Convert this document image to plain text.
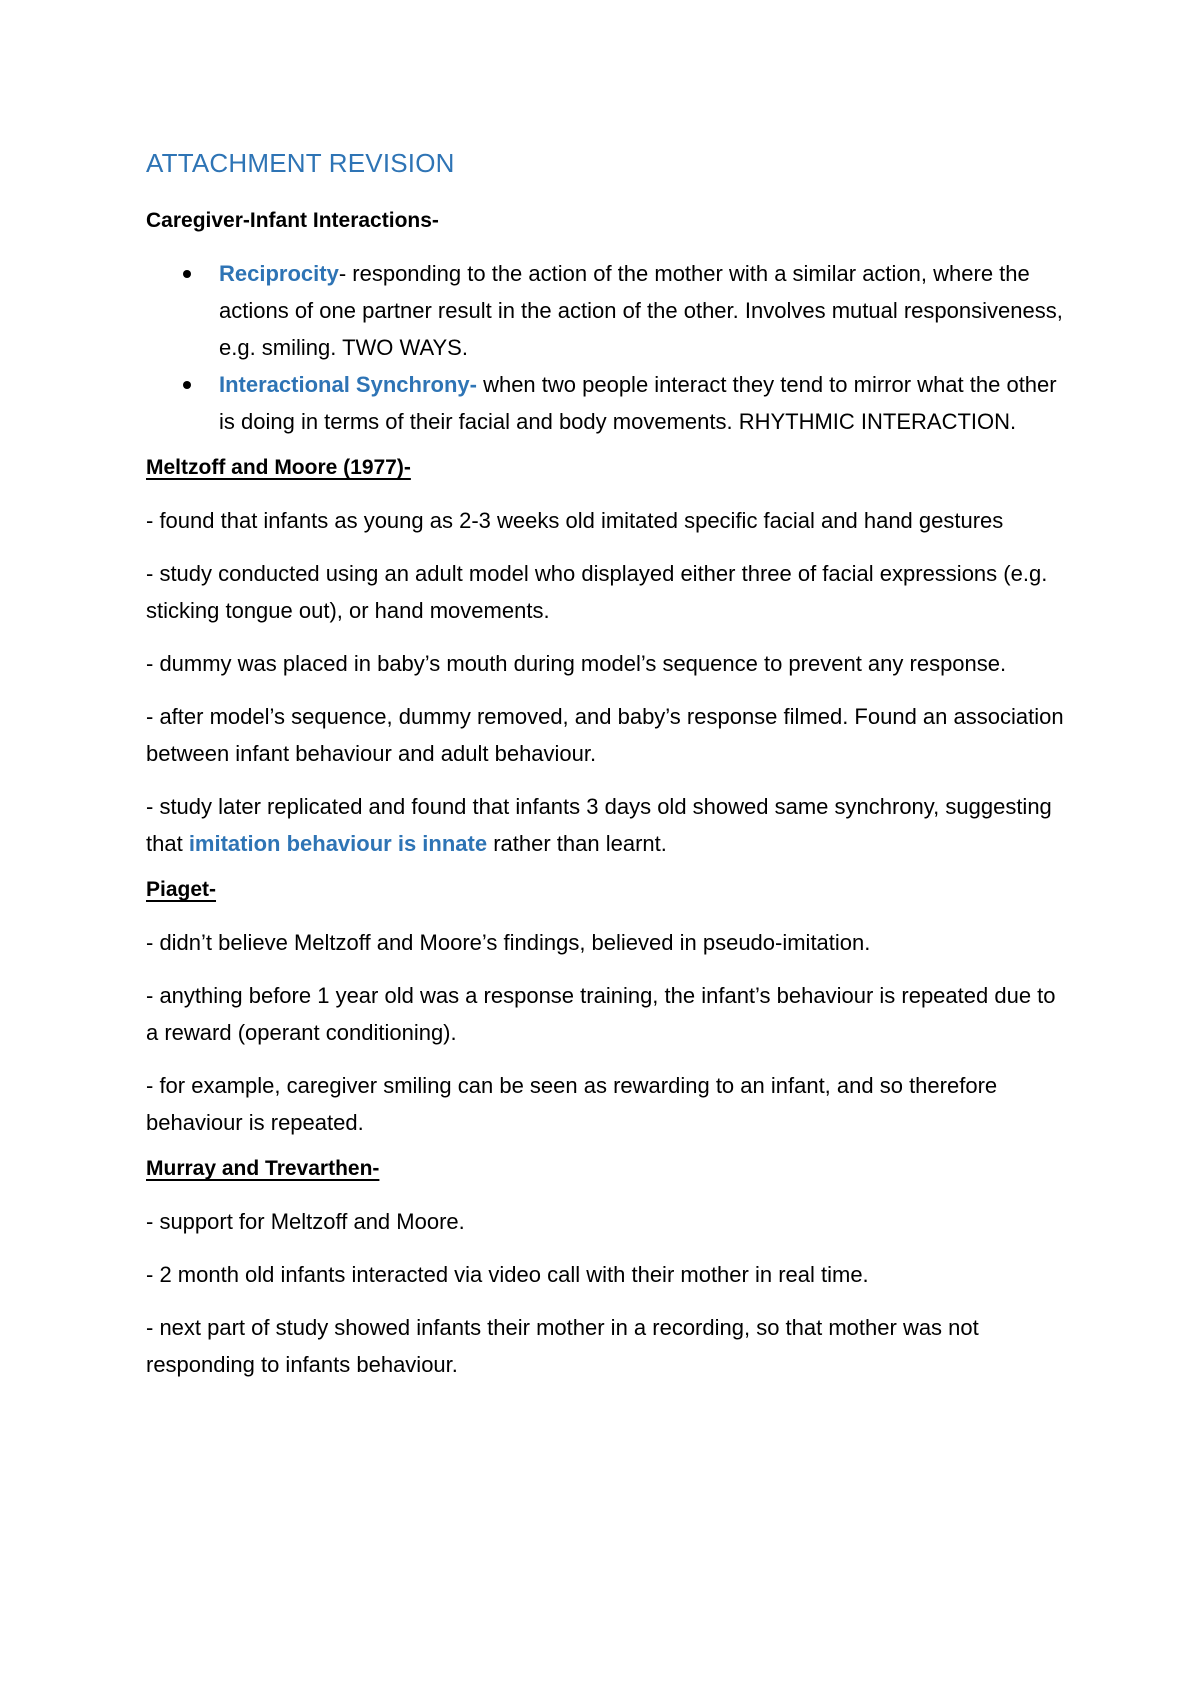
ATTACHMENT REVISION
Caregiver-Infant Interactions-
Reciprocity- responding to the action of the mother with a similar action, where the actions of one partner result in the action of the other. Involves mutual responsiveness, e.g. smiling. TWO WAYS.
Interactional Synchrony- when two people interact they tend to mirror what the other is doing in terms of their facial and body movements. RHYTHMIC INTERACTION.
Meltzoff and Moore (1977)-

- found that infants as young as 2-3 weeks old imitated specific facial and hand gestures

- study conducted using an adult model who displayed either three of facial expressions (e.g. sticking tongue out), or hand movements.

- dummy was placed in baby’s mouth during model’s sequence to prevent any response.

- after model’s sequence, dummy removed, and baby’s response filmed. Found an association between infant behaviour and adult behaviour.

- study later replicated and found that infants 3 days old showed same synchrony, suggesting that imitation behaviour is innate rather than learnt.

Piaget-

- didn’t believe Meltzoff and Moore’s findings, believed in pseudo-imitation.

- anything before 1 year old was a response training, the infant’s behaviour is repeated due to a reward (operant conditioning).

- for example, caregiver smiling can be seen as rewarding to an infant, and so therefore behaviour is repeated.

Murray and Trevarthen-

- support for Meltzoff and Moore.

- 2 month old infants interacted via video call with their mother in real time.

- next part of study showed infants their mother in a recording, so that mother was not responding to infants behaviour.
